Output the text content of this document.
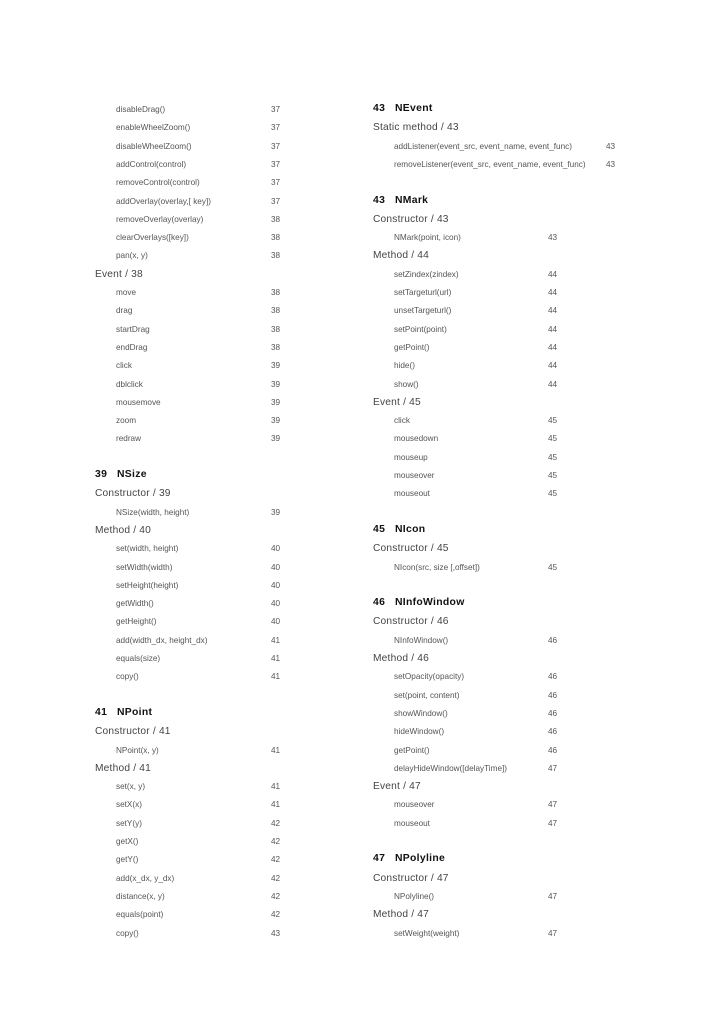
disableDrag()	37
enableWheelZoom()	37
disableWheelZoom()	37
addControl(control)	37
removeControl(control)	37
addOverlay(overlay,[ key])	37
removeOverlay(overlay)	38
clearOverlays([key])	38
pan(x, y)	38
Event / 38
move	38
drag	38
startDrag	38
endDrag	38
click	39
dblclick	39
mousemove	39
zoom	39
redraw	39
39 NSize
Constructor / 39
NSize(width, height)	39
Method / 40
set(width, height)	40
setWidth(width)	40
setHeight(height)	40
getWidth()	40
getHeight()	40
add(width_dx, height_dx)	41
equals(size)	41
copy()	41
41 NPoint
Constructor / 41
NPoint(x, y)	41
Method / 41
set(x, y)	41
setX(x)	41
setY(y)	42
getX()	42
getY()	42
add(x_dx, y_dx)	42
distance(x, y)	42
equals(point)	42
copy()	43
43 NEvent
Static method / 43
addListener(event_src, event_name, event_func)	43
removeListener(event_src, event_name, event_func) 43
43 NMark
Constructor / 43
NMark(point, icon)	43
Method / 44
setZindex(zindex)	44
setTargeturl(url)	44
unsetTargeturl()	44
setPoint(point)	44
getPoint()	44
hide()	44
show()	44
Event / 45
click	45
mousedown	45
mouseup	45
mouseover	45
mouseout	45
45 NIcon
Constructor / 45
NIcon(src, size [,offset])	45
46 NInfoWindow
Constructor / 46
NInfoWindow()	46
Method / 46
setOpacity(opacity)	46
set(point, content)	46
showWindow()	46
hideWindow()	46
getPoint()	46
delayHideWindow([delayTime])	47
Event / 47
mouseover	47
mouseout	47
47 NPolyline
Constructor / 47
NPolyline()	47
Method / 47
setWeight(weight)	47
